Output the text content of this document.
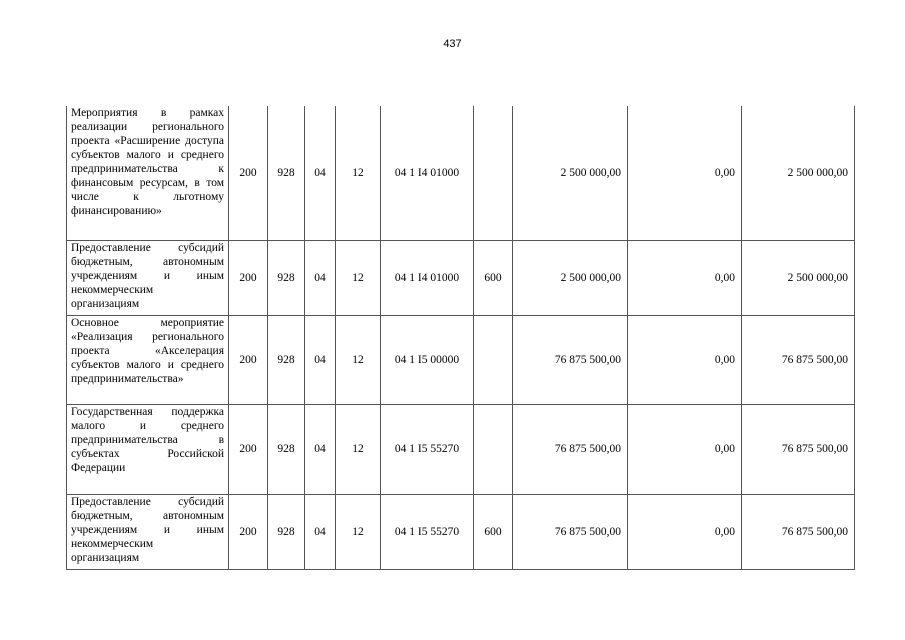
437
Мероприятия в рамках реализации регионального проекта «Расширение доступа субъектов малого и среднего предпринимательства к финансовым ресурсам, в том числе к льготному финансированию»	200	928	04	12	04 1 I4 01000		2 500 000,00	0,00	2 500 000,00
Предоставление субсидий бюджетным, автономным учреждениям и иным некоммерческим организациям	200	928	04	12	04 1 I4 01000	600	2 500 000,00	0,00	2 500 000,00
Основное мероприятие «Реализация регионального проекта «Акселерация субъектов малого и среднего предпринимательства»	200	928	04	12	04 1 I5 00000		76 875 500,00	0,00	76 875 500,00
Государственная поддержка малого и среднего предпринимательства в субъектах Российской Федерации	200	928	04	12	04 1 I5 55270		76 875 500,00	0,00	76 875 500,00
Предоставление субсидий бюджетным, автономным учреждениям и иным некоммерческим организациям	200	928	04	12	04 1 I5 55270	600	76 875 500,00	0,00	76 875 500,00
